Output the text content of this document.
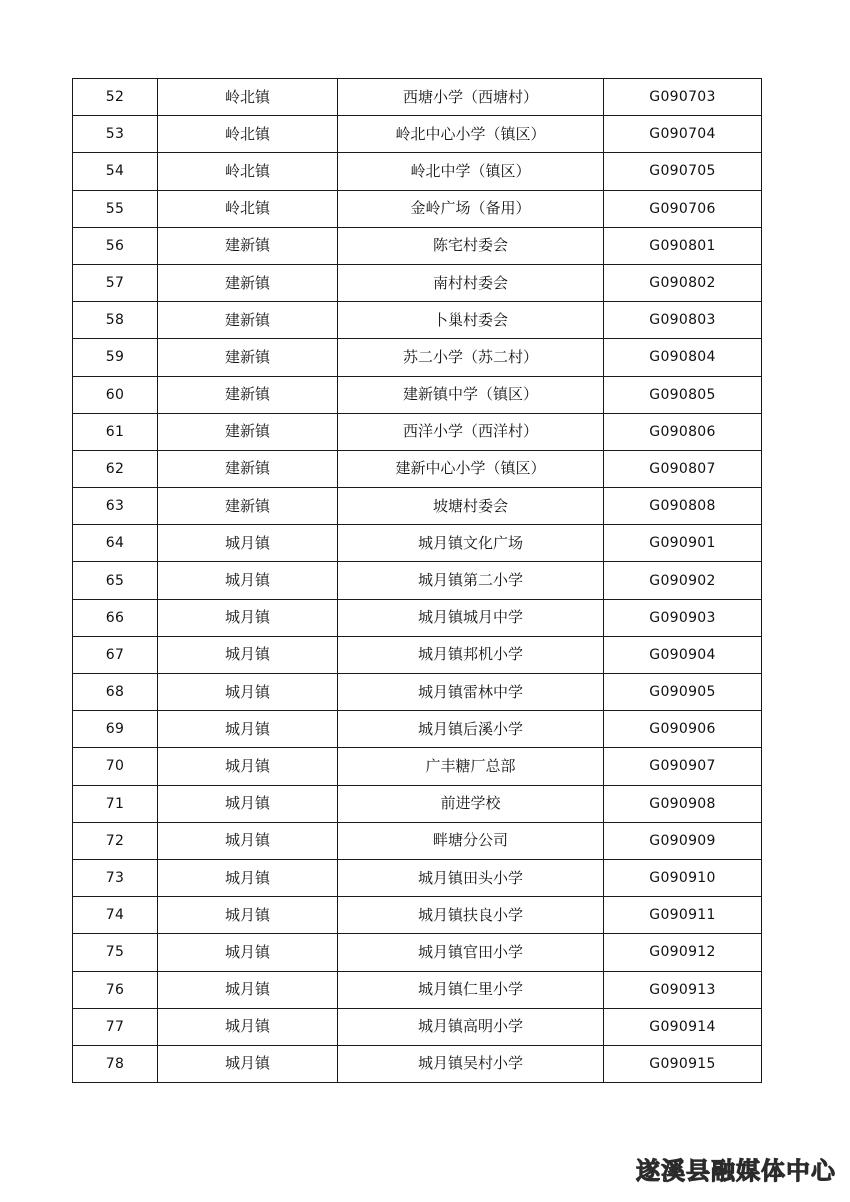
52	岭北镇	西塘小学（西塘村）	G090703
53	岭北镇	岭北中心小学（镇区）	G090704
54	岭北镇	岭北中学（镇区）	G090705
55	岭北镇	金岭广场（备用）	G090706
56	建新镇	陈宅村委会	G090801
57	建新镇	南村村委会	G090802
58	建新镇	卜巢村委会	G090803
59	建新镇	苏二小学（苏二村）	G090804
60	建新镇	建新镇中学（镇区）	G090805
61	建新镇	西洋小学（西洋村）	G090806
62	建新镇	建新中心小学（镇区）	G090807
63	建新镇	坡塘村委会	G090808
64	城月镇	城月镇文化广场	G090901
65	城月镇	城月镇第二小学	G090902
66	城月镇	城月镇城月中学	G090903
67	城月镇	城月镇邦机小学	G090904
68	城月镇	城月镇雷林中学	G090905
69	城月镇	城月镇后溪小学	G090906
70	城月镇	广丰糖厂总部	G090907
71	城月镇	前进学校	G090908
72	城月镇	畔塘分公司	G090909
73	城月镇	城月镇田头小学	G090910
74	城月镇	城月镇扶良小学	G090911
75	城月镇	城月镇官田小学	G090912
76	城月镇	城月镇仁里小学	G090913
77	城月镇	城月镇高明小学	G090914
78	城月镇	城月镇吴村小学	G090915
遂溪县融媒体中心
